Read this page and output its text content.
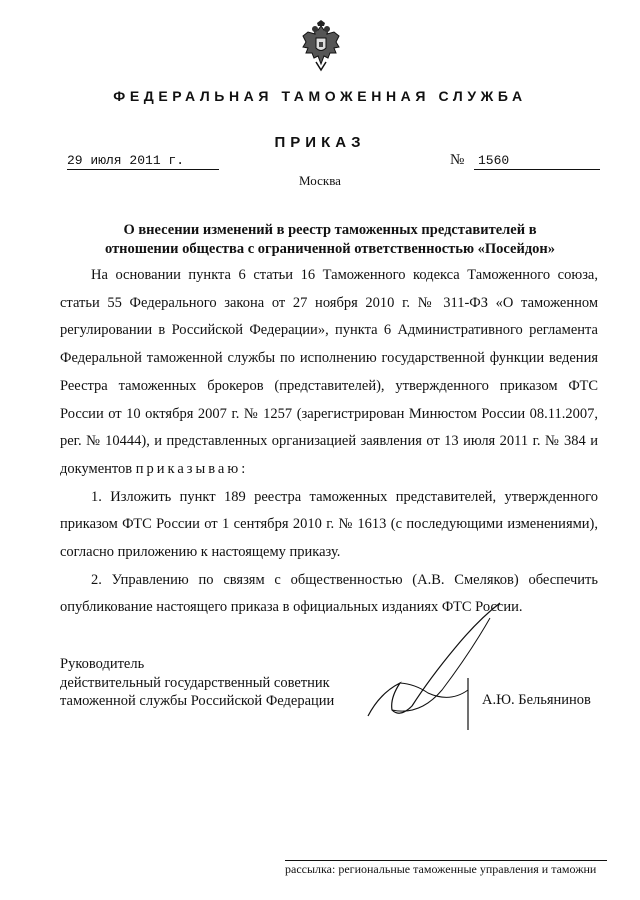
ФЕДЕРАЛЬНАЯ ТАМОЖЕННАЯ СЛУЖБА
ПРИКАЗ
29 июля 2011 г.	№	1560
Москва
О внесении изменений в реестр таможенных представителей в
отношении общества с ограниченной ответственностью «Посейдон»

На основании пункта 6 статьи 16 Таможенного кодекса Таможенного союза, статьи 55 Федерального закона от 27 ноября 2010 г. № 311-ФЗ «О таможенном регулировании в Российской Федерации», пункта 6 Административного регламента Федеральной таможенной службы по исполнению государственной функции ведения Реестра таможенных брокеров (представителей), утвержденного приказом ФТС России от 10 октября 2007 г. № 1257 (зарегистрирован Минюстом России 08.11.2007, рег. № 10444), и представленных организацией заявления от 13 июля 2011 г. № 384 и документов приказываю:

1. Изложить пункт 189 реестра таможенных представителей, утвержденного приказом ФТС России от 1 сентября 2010 г. № 1613 (с последующими изменениями), согласно приложению к настоящему приказу.

2. Управлению по связям с общественностью (А.В. Смеляков) обеспечить опубликование настоящего приказа в официальных изданиях ФТС России.

Руководитель
действительный государственный советник
таможенной службы Российской Федерации	А.Ю. Бельянинов
рассылка: региональные таможенные управления и таможни
